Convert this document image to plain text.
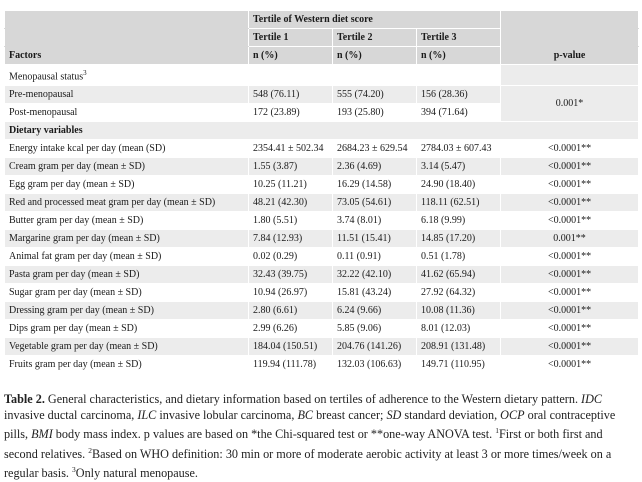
	Tertile of Western diet score			
	Tertile 1	Tertile 2	Tertile 3	
Factors	n (%)	n (%)	n (%)	p-value
Menopausal status$^3$	
Pre-menopausal	548 (76.11)	555 (74.20)	156 (28.36)	0.001*
Post-menopausal	172 (23.89)	193 (25.80)	394 (71.64)	
Dietary variables				
Energy intake kcal per day (mean (SD)	2354.41 ± 502.34	2684.23 ± 629.54	2784.03 ± 607.43	<0.0001**
Cream gram per day (mean ± SD)	1.55 (3.87)	2.36 (4.69)	3.14 (5.47)	<0.0001**
Egg gram per day (mean ± SD)	10.25 (11.21)	16.29 (14.58)	24.90 (18.40)	<0.0001**
Red and processed meat gram per day (mean ± SD)	48.21 (42.30)	73.05 (54.61)	118.11 (62.51)	<0.0001**
Butter gram per day (mean ± SD)	1.80 (5.51)	3.74 (8.01)	6.18 (9.99)	<0.0001**
Margarine gram per day (mean ± SD)	7.84 (12.93)	11.51 (15.41)	14.85 (17.20)	0.001**
Animal fat gram per day (mean ± SD)	0.02 (0.29)	0.11 (0.91)	0.51 (1.78)	<0.0001**
Pasta gram per day (mean ± SD)	32.43 (39.75)	32.22 (42.10)	41.62 (65.94)	<0.0001**
Sugar gram per day (mean ± SD)	10.94 (26.97)	15.81 (43.24)	27.92 (64.32)	<0.0001**
Dressing gram per day (mean ± SD)	2.80 (6.61)	6.24 (9.66)	10.08 (11.36)	<0.0001**
Dips gram per day (mean ± SD)	2.99 (6.26)	5.85 (9.06)	8.01 (12.03)	<0.0001**
Vegetable gram per day (mean ± SD)	184.04 (150.51)	204.76 (141.26)	208.91 (131.48)	<0.0001**
Fruits gram per day (mean ± SD)	119.94 (111.78)	132.03 (106.63)	149.71 (110.95)	<0.0001**
Table 2. General characteristics, and dietary information based on tertiles of adherence to the Western dietary pattern. IDC invasive ductal carcinoma, ILC invasive lobular carcinoma, BC breast cancer; SD standard deviation, OCP oral contraceptive pills, BMI body mass index. p values are based on *the Chi-squared test or **one-way ANOVA test. $^1$First or both first and second relatives. $^2$Based on WHO definition: 30 min or more of moderate aerobic activity at least 3 or more times/week on a regular basis. $^3$Only natural menopause.
